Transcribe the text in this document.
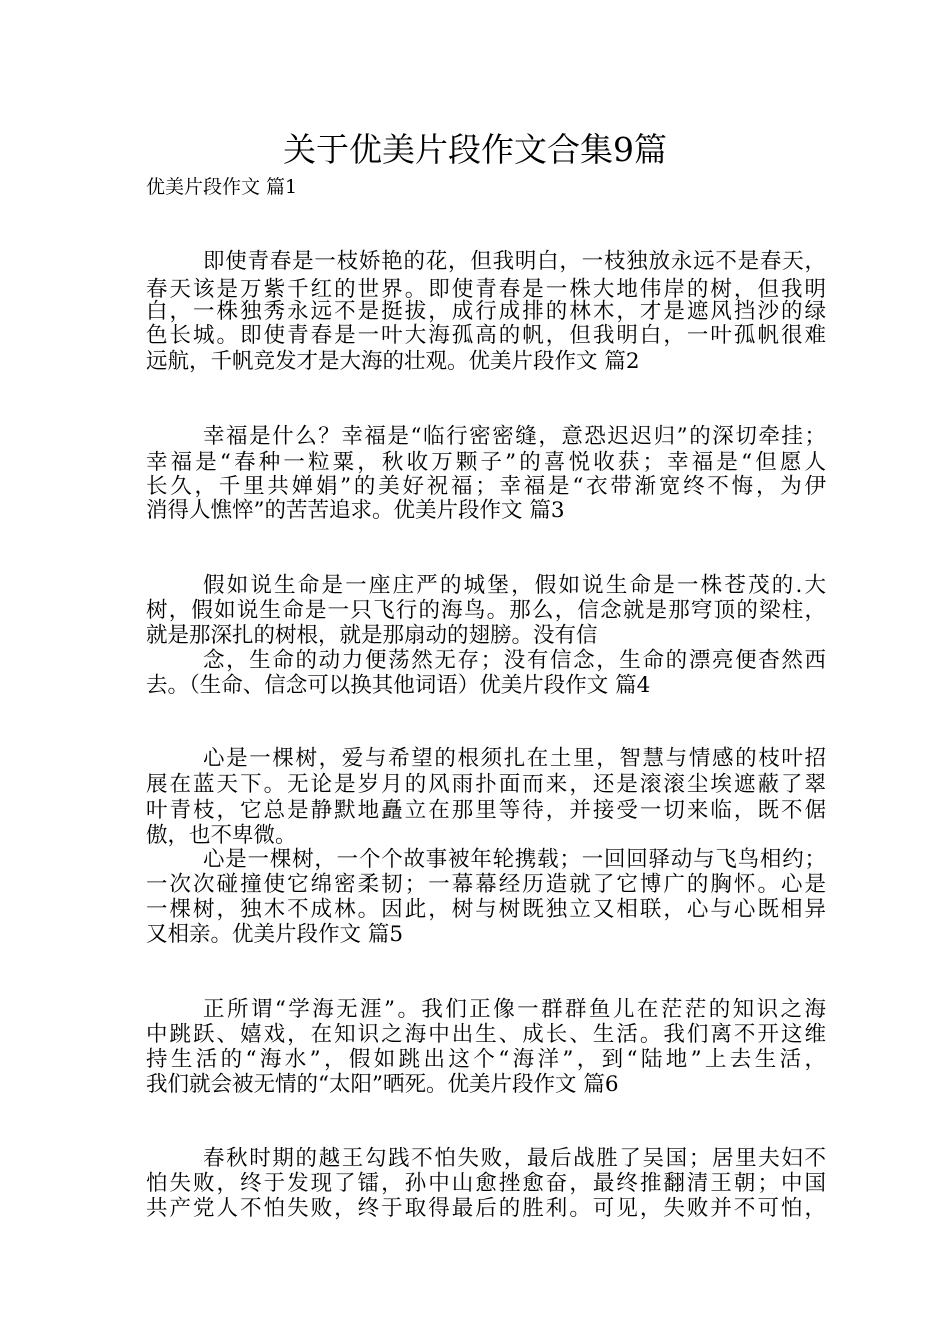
关于优美片段作文合集9篇
优美片段作文 篇1
即使青春是一枝娇艳的花，但我明白，一枝独放永远不是春天，
春天该是万紫千红的世界。即使青春是一株大地伟岸的树，但我明
白，一株独秀永远不是挺拔，成行成排的林木，才是遮风挡沙的绿
色长城。即使青春是一叶大海孤高的帆，但我明白，一叶孤帆很难
远航，千帆竞发才是大海的壮观。优美片段作文 篇2
幸福是什么？幸福是“临行密密缝，意恐迟迟归”的深切牵挂；
幸福是“春种一粒粟，秋收万颗子”的喜悦收获；幸福是“但愿人
长久，千里共婵娟”的美好祝福；幸福是“衣带渐宽终不悔，为伊
消得人憔悴”的苦苦追求。优美片段作文 篇3
假如说生命是一座庄严的城堡，假如说生命是一株苍茂的.大
树，假如说生命是一只飞行的海鸟。那么，信念就是那穹顶的梁柱，
就是那深扎的树根，就是那扇动的翅膀。没有信
念，生命的动力便荡然无存；没有信念，生命的漂亮便杳然西
去。（生命、信念可以换其他词语）优美片段作文 篇4
心是一棵树，爱与希望的根须扎在土里，智慧与情感的枝叶招
展在蓝天下。无论是岁月的风雨扑面而来，还是滚滚尘埃遮蔽了翠
叶青枝，它总是静默地矗立在那里等待，并接受一切来临，既不倨
傲，也不卑微。
心是一棵树，一个个故事被年轮携载；一回回驿动与飞鸟相约；
一次次碰撞使它绵密柔韧；一幕幕经历造就了它博广的胸怀。心是
一棵树，独木不成林。因此，树与树既独立又相联，心与心既相异
又相亲。优美片段作文 篇5
正所谓“学海无涯”。我们正像一群群鱼儿在茫茫的知识之海
中跳跃、嬉戏，在知识之海中出生、成长、生活。我们离不开这维
持生活的“海水”，假如跳出这个“海洋”，到“陆地”上去生活，
我们就会被无情的“太阳”晒死。优美片段作文 篇6
春秋时期的越王勾践不怕失败，最后战胜了吴国；居里夫妇不
怕失败，终于发现了镭，孙中山愈挫愈奋，最终推翻清王朝；中国
共产党人不怕失败，终于取得最后的胜利。可见，失败并不可怕，
